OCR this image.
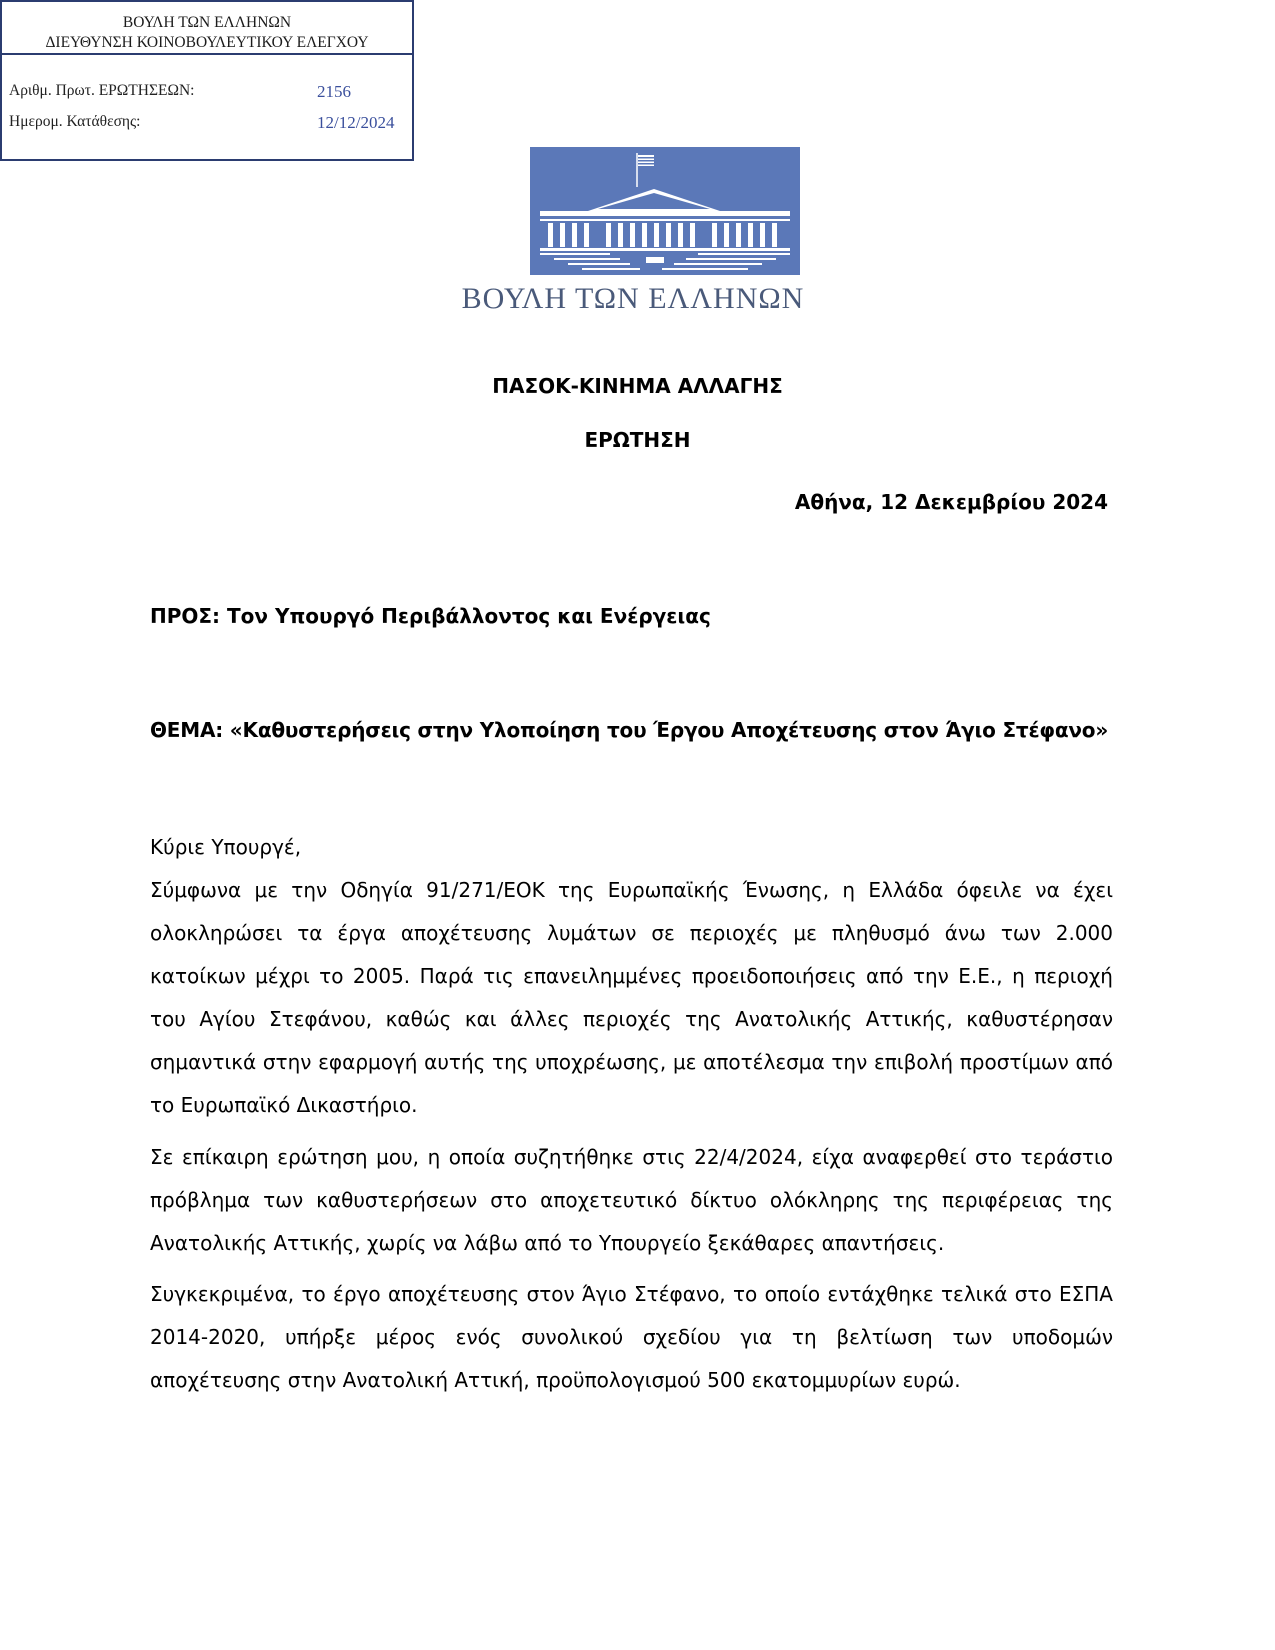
ΒΟΥΛΗ ΤΩΝ ΕΛΛΗΝΩΝ
ΔΙΕΥΘΥΝΣΗ ΚΟΙΝΟΒΟΥΛΕΥΤΙΚΟΥ ΕΛΕΓΧΟΥ
Αριθμ. Πρωτ. ΕΡΩΤΗΣΕΩΝ:	2156
Ημερομ. Κατάθεσης:	12/12/2024
ΒΟΥΛΗ ΤΩΝ ΕΛΛΗΝΩΝ
ΠΑΣΟΚ-ΚΙΝΗΜΑ ΑΛΛΑΓΗΣ
ΕΡΩΤΗΣΗ
Αθήνα, 12 Δεκεμβρίου 2024
ΠΡΟΣ: Τον Υπουργό Περιβάλλοντος και Ενέργειας
ΘΕΜΑ: «Καθυστερήσεις στην Υλοποίηση του Έργου Αποχέτευσης στον Άγιο Στέφανο»
Κύριε Υπουργέ,

Σύμφωνα με την Οδηγία 91/271/ΕΟΚ της Ευρωπαϊκής Ένωσης, η Ελλάδα όφειλε να έχει ολοκληρώσει τα έργα αποχέτευσης λυμάτων σε περιοχές με πληθυσμό άνω των 2.000 κατοίκων μέχρι το 2005. Παρά τις επανειλημμένες προειδοποιήσεις από την Ε.Ε., η περιοχή του Αγίου Στεφάνου, καθώς και άλλες περιοχές της Ανατολικής Αττικής, καθυστέρησαν σημαντικά στην εφαρμογή αυτής της υποχρέωσης, με αποτέλεσμα την επιβολή προστίμων από το Ευρωπαϊκό Δικαστήριο.

Σε επίκαιρη ερώτηση μου, η οποία συζητήθηκε στις 22/4/2024, είχα αναφερθεί στο τεράστιο πρόβλημα των καθυστερήσεων στο αποχετευτικό δίκτυο ολόκληρης της περιφέρειας της Ανατολικής Αττικής, χωρίς να λάβω από το Υπουργείο ξεκάθαρες απαντήσεις.

Συγκεκριμένα, το έργο αποχέτευσης στον Άγιο Στέφανο, το οποίο εντάχθηκε τελικά στο ΕΣΠΑ 2014-2020, υπήρξε μέρος ενός συνολικού σχεδίου για τη βελτίωση των υποδομών αποχέτευσης στην Ανατολική Αττική, προϋπολογισμού 500 εκατομμυρίων ευρώ.
